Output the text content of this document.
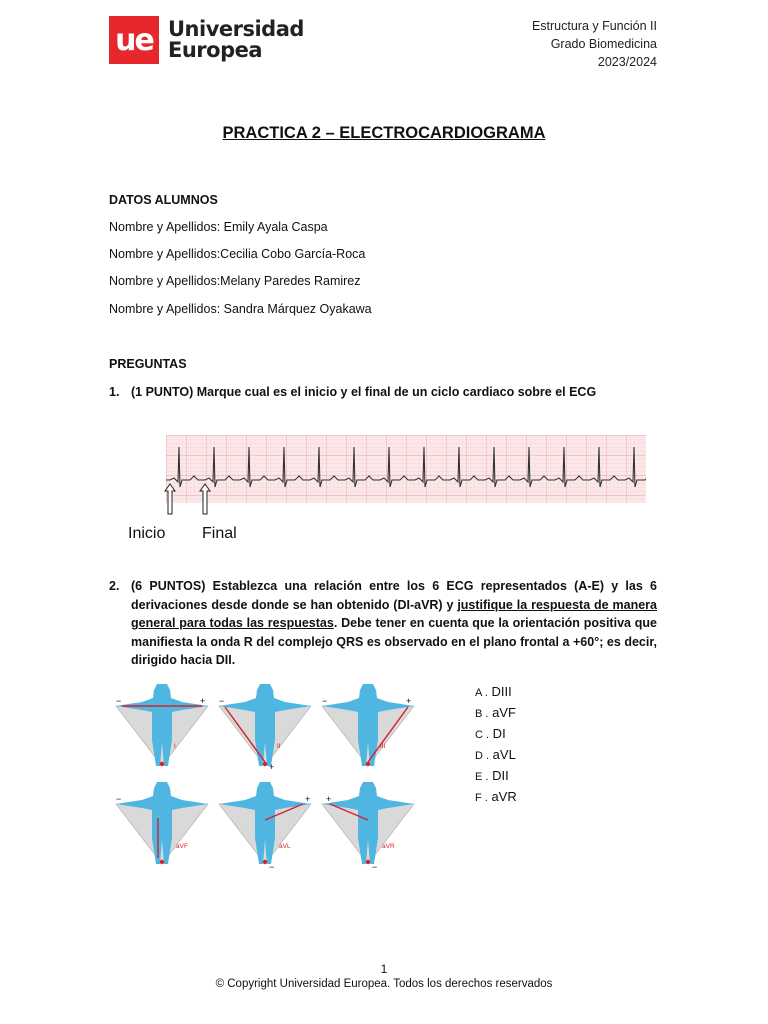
ue Universidad
Europea
Estructura y Función II
Grado Biomedicina
2023/2024
PRACTICA 2 – ELECTROCARDIOGRAMA
DATOS ALUMNOS
Nombre y Apellidos: Emily Ayala Caspa
Nombre y Apellidos:Cecilia Cobo García-Roca
Nombre y Apellidos:Melany Paredes Ramirez
Nombre y Apellidos: Sandra Márquez Oyakawa
PREGUNTAS
1. (1 PUNTO) Marque cual es el inicio y el final de un ciclo cardiaco sobre el ECG
Inicio Final
2. (6 PUNTOS) Establezca una relación entre los 6 ECG representados (A-E) y las 6 derivaciones desde donde se han obtenido (DI-aVR) y justifique la respuesta de manera general para todas las respuestas. Debe tener en cuenta que la orientación positiva que manifiesta la onda R del complejo QRS es observado en el plano frontal a +60°; es decir, dirigido hacia DII.
I
+
−
II
+
−
III
+
−
aVF
−
aVL
+
−
aVR
+
−
A . DIII
B . aVF
C . DI
D . aVL
E . DII
F . aVR
1
© Copyright Universidad Europea. Todos los derechos reservados
